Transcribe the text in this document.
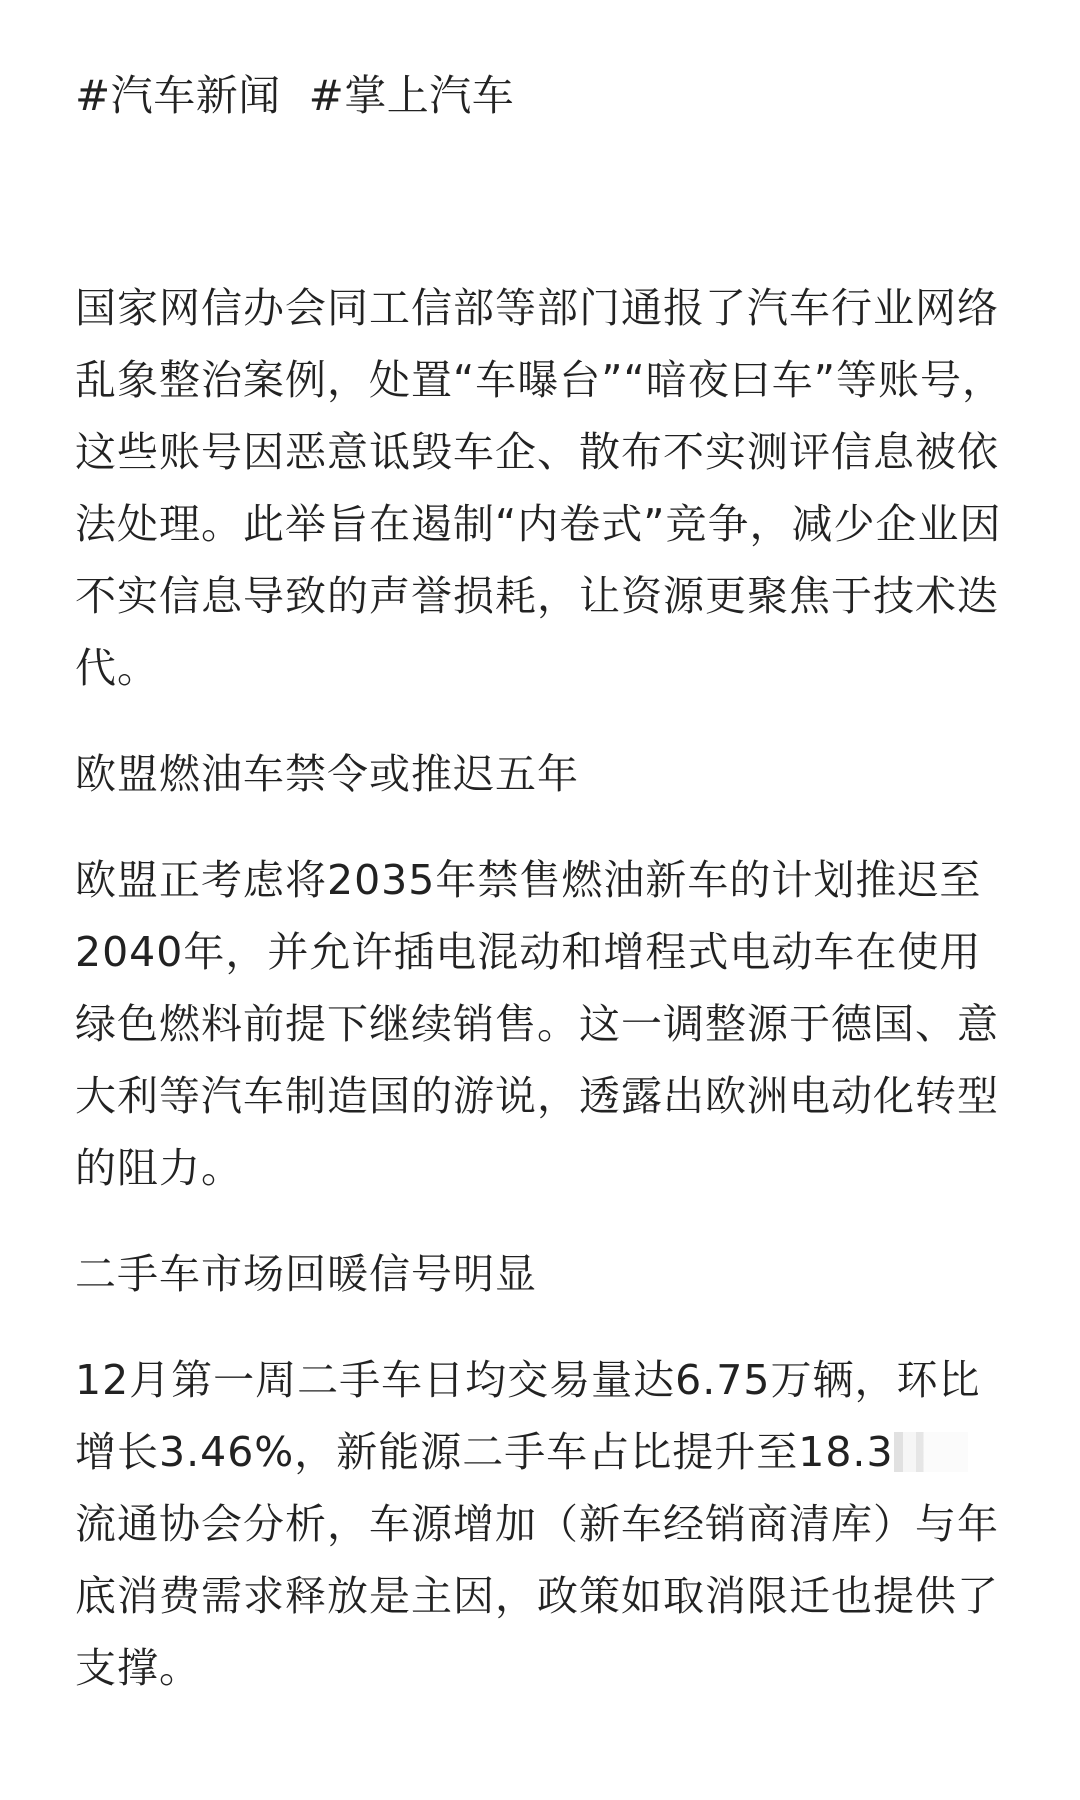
#汽车新闻 #掌上汽车

国家网信办会同工信部等部门通报了汽车行业网络乱象整治案例，处置“车曝台”“暗夜曰车”等账号，这些账号因恶意诋毁车企、散布不实测评信息被依法处理。此举旨在遏制“内卷式”竞争，减少企业因不实信息导致的声誉损耗，让资源更聚焦于技术迭代。

欧盟燃油车禁令或推迟五年

欧盟正考虑将2035年禁售燃油新车的计划推迟至2040年，并允许插电混动和增程式电动车在使用绿色燃料前提下继续销售。这一调整源于德国、意大利等汽车制造国的游说，透露出欧洲电动化转型的阻力。

二手车市场回暖信号明显

12月第一周二手车日均交易量达6.75万辆，环比增长3.46%，新能源二手车占比提升至18.3流通协会分析，车源增加（新车经销商清库）与年底消费需求释放是主因，政策如取消限迁也提供了支撑。
